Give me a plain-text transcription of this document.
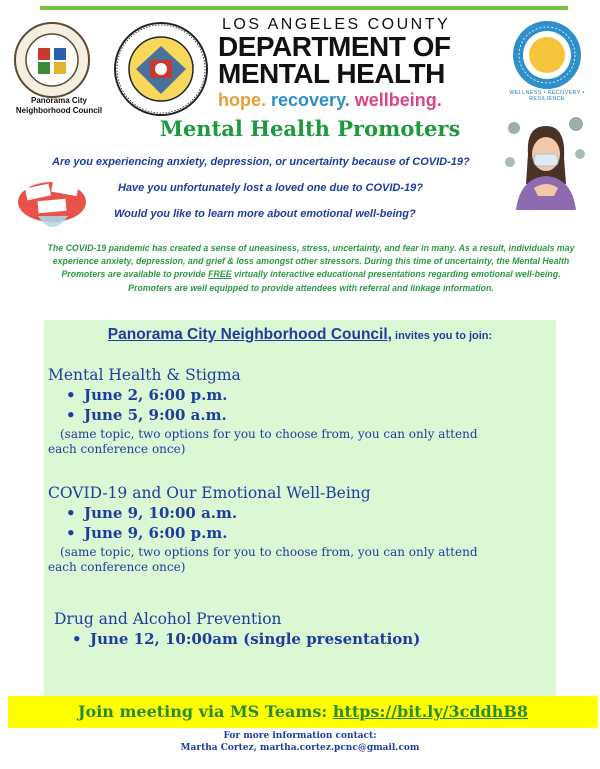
Panorama City
Neighborhood Council
LOS ANGELES COUNTY
DEPARTMENT OF
MENTAL HEALTH
hope. recovery. wellbeing.	WELLNESS • RECOVERY • RESILIENCE
Mental Health Promoters
Are you experiencing anxiety, depression, or uncertainty because of COVID-19?
Have you unfortunately lost a loved one due to COVID-19?
Would you like to learn more about emotional well-being?
The COVID-19 pandemic has created a sense of uneasiness, stress, uncertainty, and fear in many. As a result, individuals may experience anxiety, depression, and grief & loss amongst other stressors. During this time of uncertainty, the Mental Health Promoters are available to provide FREE virtually interactive educational presentations regarding emotional well-being. Promoters are well equipped to provide attendees with referral and linkage information.
Panorama City Neighborhood Council, invites you to join:
Mental Health & Stigma
• June 2, 6:00 p.m.
• June 5, 9:00 a.m.
(same topic, two options for you to choose from, you can only attend
each conference once)
COVID-19 and Our Emotional Well-Being
• June 9, 10:00 a.m.
• June 9, 6:00 p.m.
(same topic, two options for you to choose from, you can only attend
each conference once)
Drug and Alcohol Prevention
• June 12, 10:00am (single presentation)
Join meeting via MS Teams: https://bit.ly/3cddhB8
For more information contact:
Martha Cortez, martha.cortez.pcnc@gmail.com
